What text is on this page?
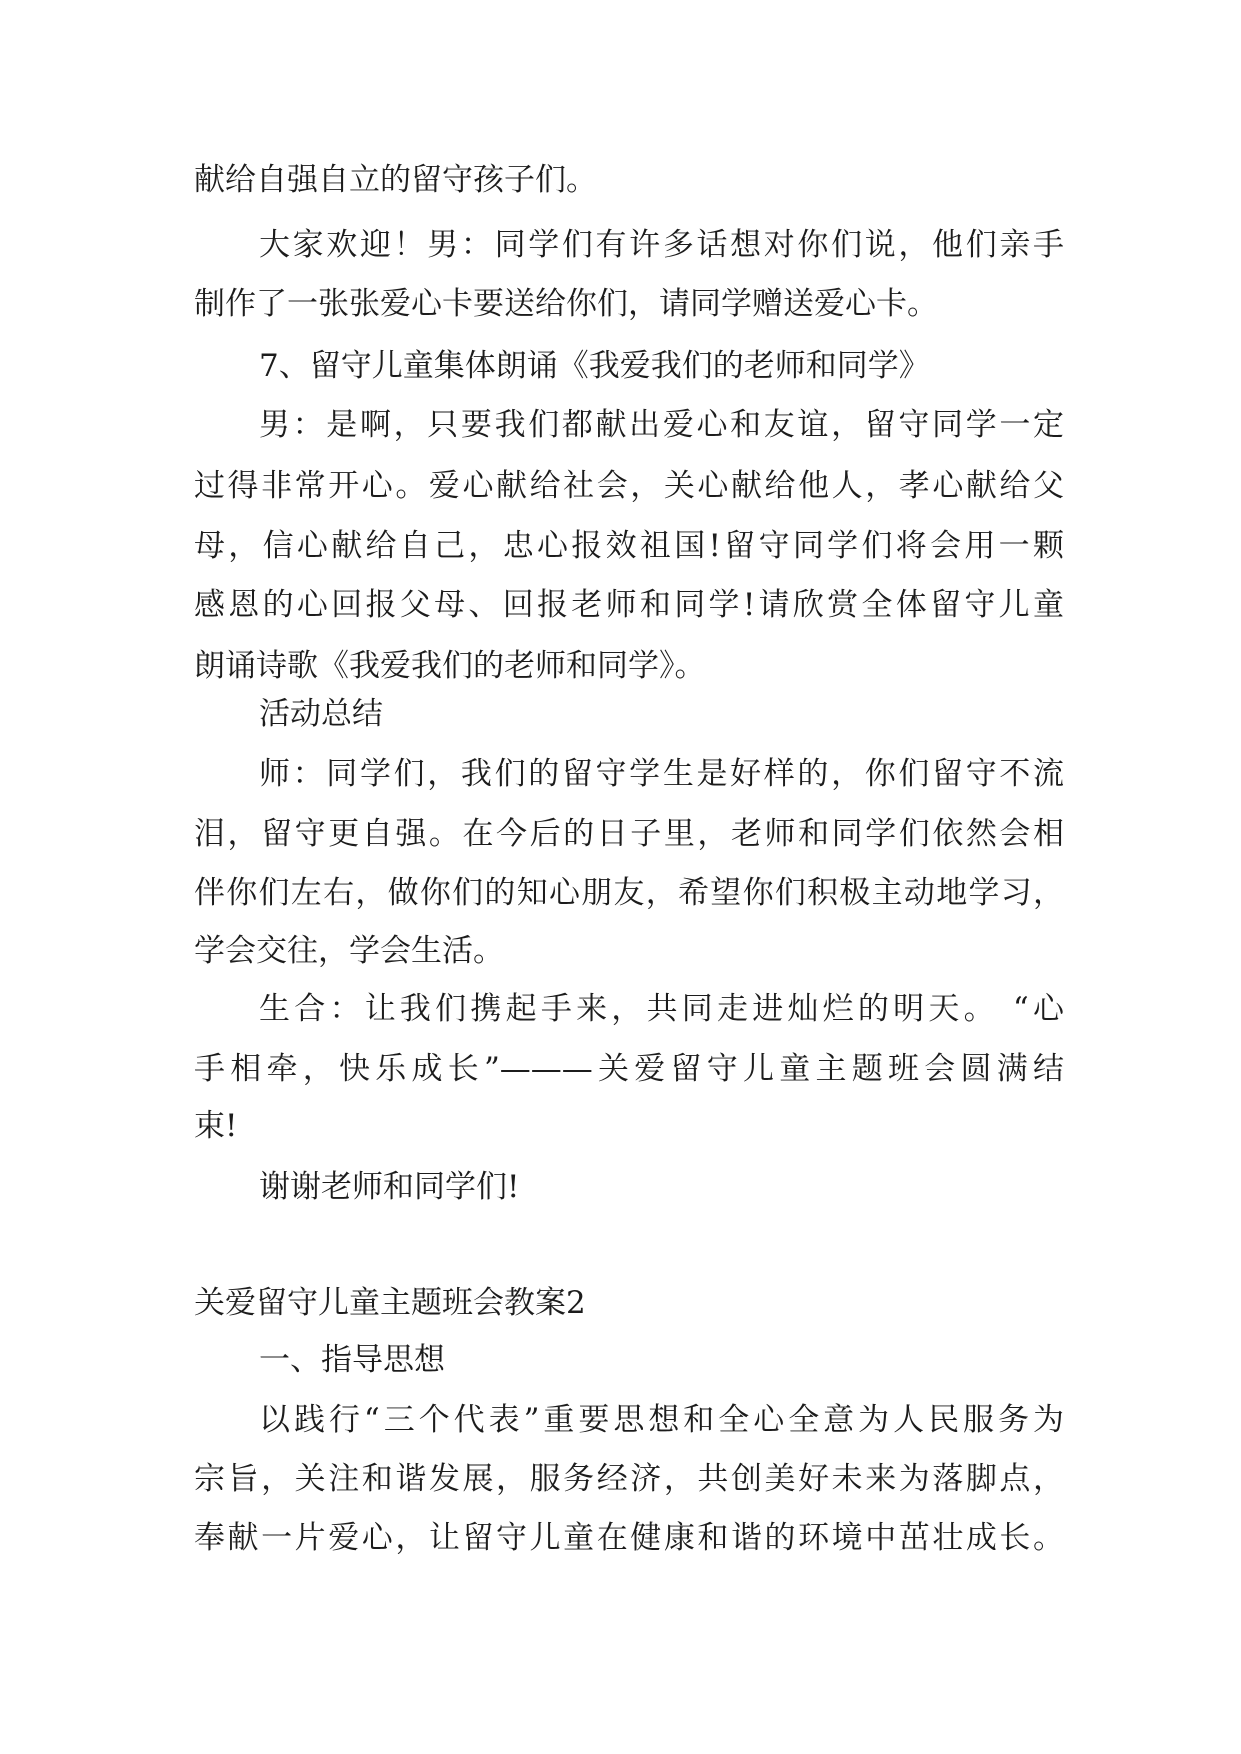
献给自强自立的留守孩子们。
大家欢迎！男：同学们有许多话想对你们说，他们亲手
制作了一张张爱心卡要送给你们，请同学赠送爱心卡。
7、留守儿童集体朗诵《我爱我们的老师和同学》
男：是啊，只要我们都献出爱心和友谊，留守同学一定
过得非常开心。爱心献给社会，关心献给他人，孝心献给父
母，信心献给自己，忠心报效祖国!留守同学们将会用一颗
感恩的心回报父母、回报老师和同学!请欣赏全体留守儿童
朗诵诗歌《我爱我们的老师和同学》。
活动总结
师：同学们，我们的留守学生是好样的，你们留守不流
泪，留守更自强。在今后的日子里，老师和同学们依然会相
伴你们左右，做你们的知心朋友，希望你们积极主动地学习，
学会交往，学会生活。
生合：让我们携起手来，共同走进灿烂的明天。 “心
手相牵，快乐成长”———关爱留守儿童主题班会圆满结
束!
谢谢老师和同学们!
关爱留守儿童主题班会教案2
一、指导思想
以践行“三个代表”重要思想和全心全意为人民服务为
宗旨，关注和谐发展，服务经济，共创美好未来为落脚点，
奉献一片爱心，让留守儿童在健康和谐的环境中茁壮成长。
